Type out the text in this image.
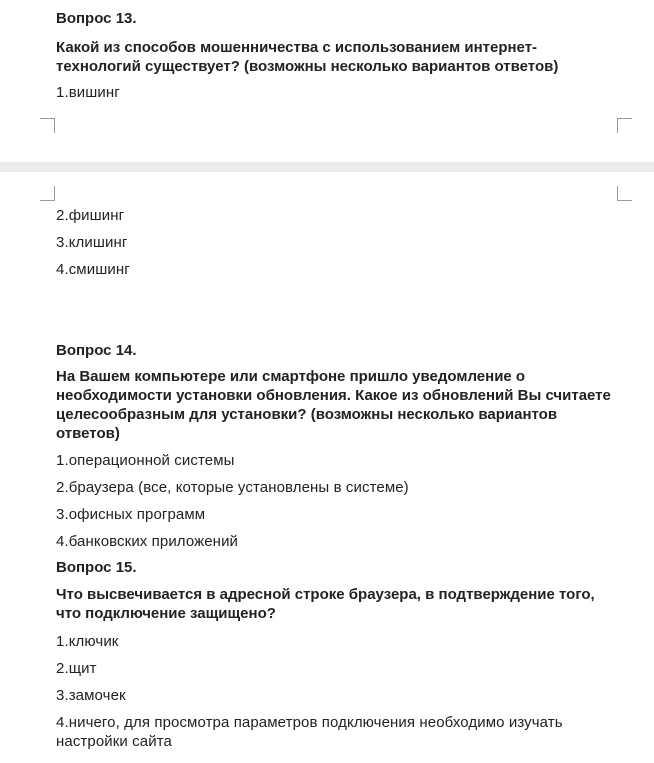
Вопрос 13.
Какой из способов мошенничества с использованием интернет-
технологий существует? (возможны несколько вариантов ответов)
1.вишинг
2.фишинг
3.клишинг
4.смишинг
Вопрос 14.
На Вашем компьютере или смартфоне пришло уведомление о
необходимости установки обновления. Какое из обновлений Вы считаете
целесообразным для установки? (возможны несколько вариантов
ответов)
1.операционной системы
2.браузера (все, которые установлены в системе)
3.офисных программ
4.банковских приложений
Вопрос 15.
Что высвечивается в адресной строке браузера, в подтверждение того,
что подключение защищено?
1.ключик
2.щит
3.замочек
4.ничего, для просмотра параметров подключения необходимо изучать
настройки сайта
